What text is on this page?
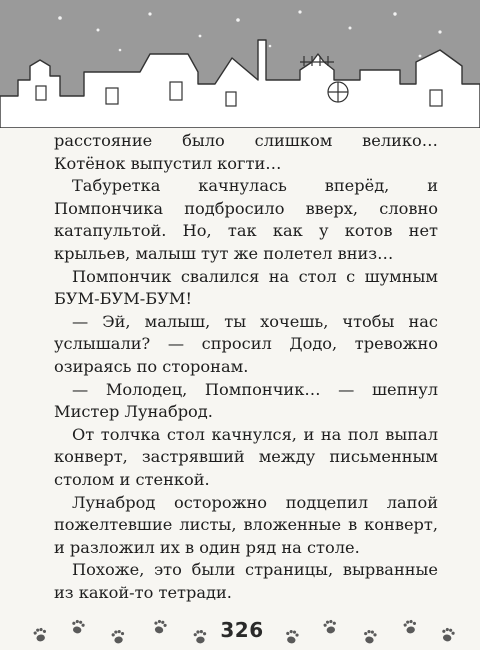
расстояние было слишком велико… Котёнок выпустил когти…

Табуретка качнулась вперёд, и Помпончика подбросило вверх, словно катапультой. Но, так как у котов нет крыльев, малыш тут же полетел вниз…

Помпончик свалился на стол с шумным БУМ-БУМ-БУМ!

— Эй, малыш, ты хочешь, чтобы нас услышали? — спросил Додо, тревожно озираясь по сторонам.

— Молодец, Помпончик… — шепнул Мистер Лунаброд.

От толчка стол качнулся, и на пол выпал конверт, застрявший между письменным столом и стенкой.

Лунаброд осторожно подцепил лапой пожелтевшие листы, вложенные в конверт, и разложил их в один ряд на столе.

Похоже, это были страницы, вырванные из какой-то тетради.

326
